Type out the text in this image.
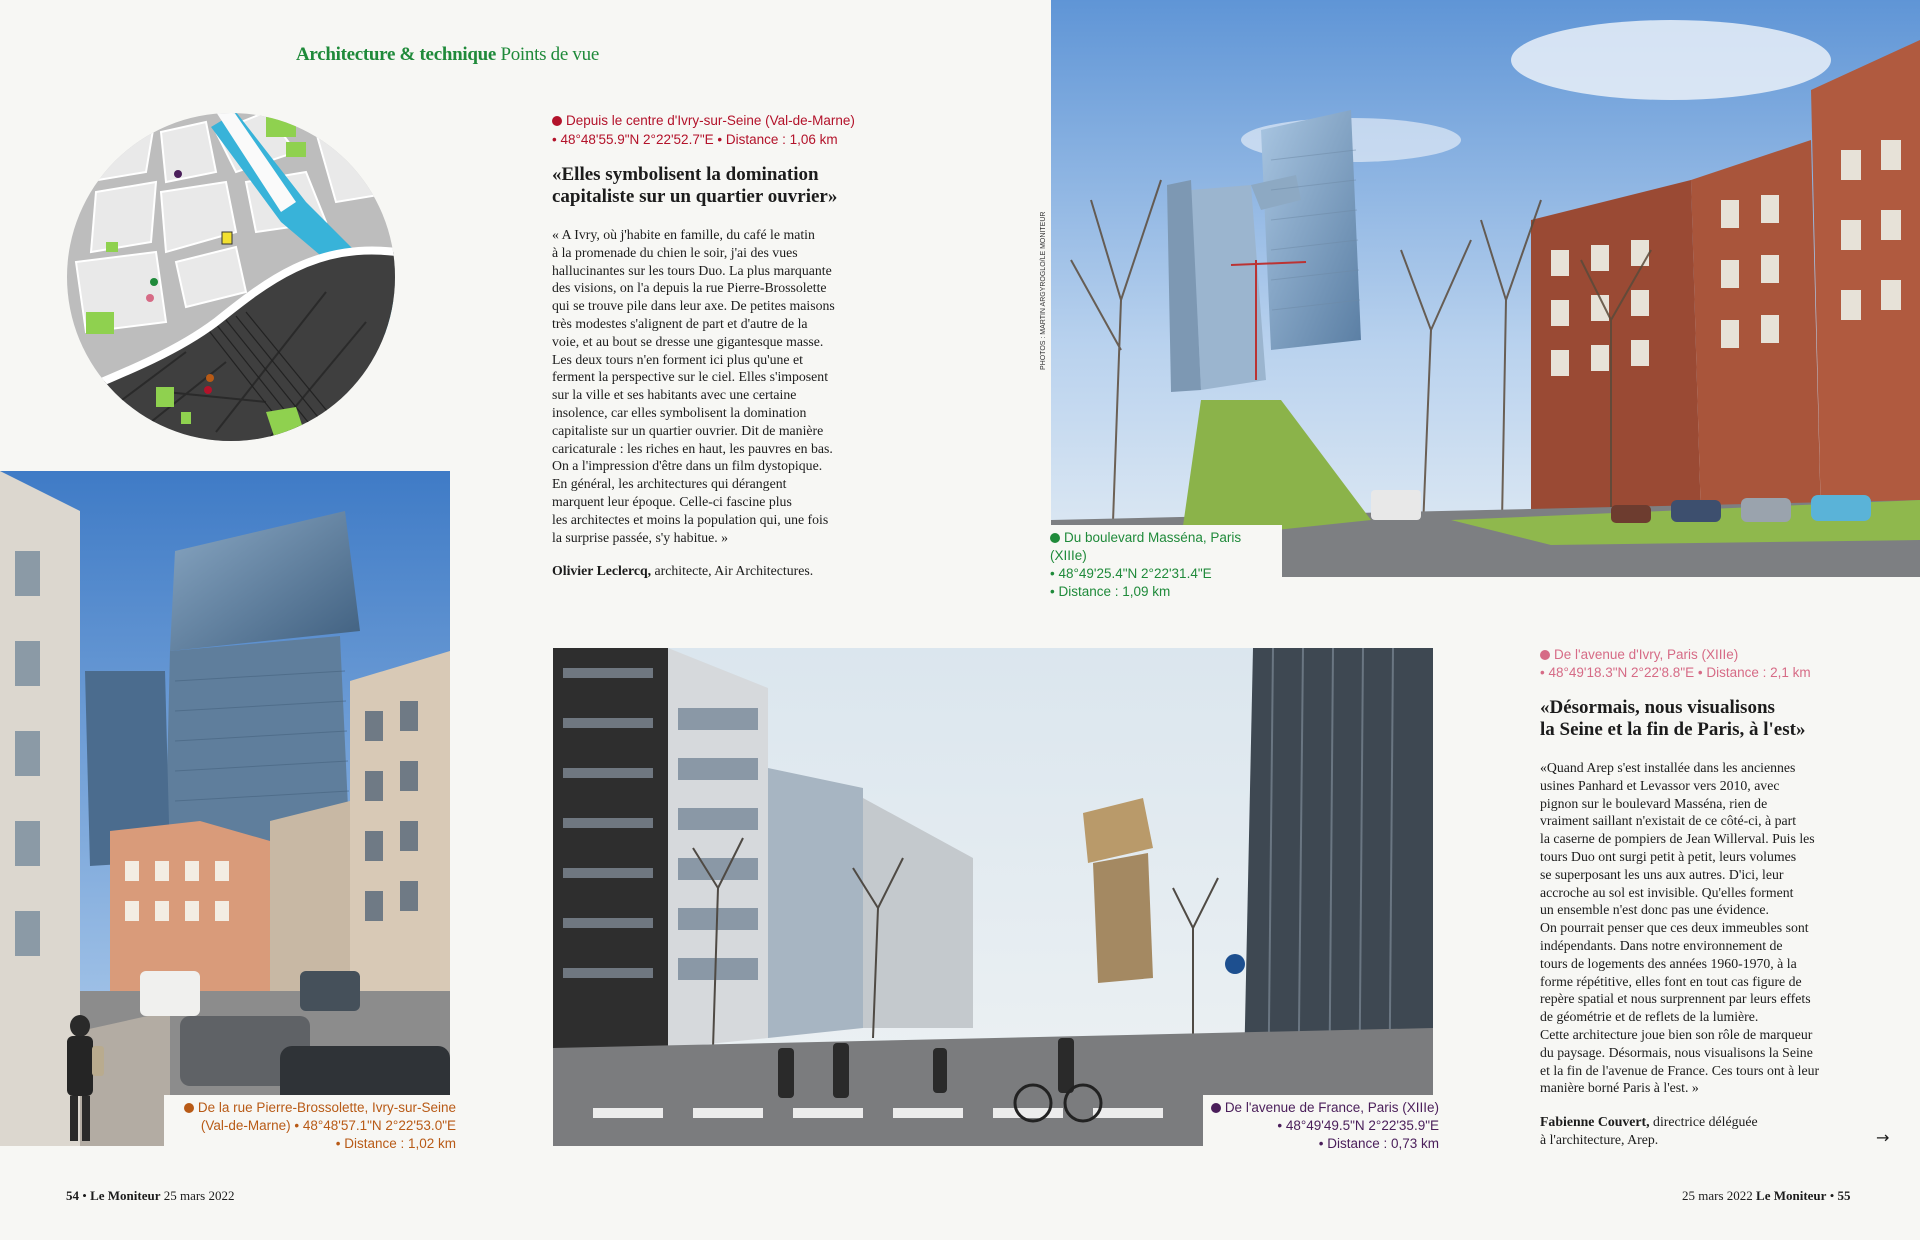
Architecture & technique Points de vue
Depuis le centre d'Ivry-sur-Seine (Val-de-Marne)
• 48°48'55.9"N 2°22'52.7"E • Distance : 1,06 km
«Elles symbolisent la domination
capitaliste sur un quartier ouvrier»
« A Ivry, où j'habite en famille, du café le matin
à la promenade du chien le soir, j'ai des vues
hallucinantes sur les tours Duo. La plus marquante
des visions, on l'a depuis la rue Pierre-Brossolette
qui se trouve pile dans leur axe. De petites maisons
très modestes s'alignent de part et d'autre de la
voie, et au bout se dresse une gigantesque masse.
Les deux tours n'en forment ici plus qu'une et
ferment la perspective sur le ciel. Elles s'imposent
sur la ville et ses habitants avec une certaine
insolence, car elles symbolisent la domination
capitaliste sur un quartier ouvrier. Dit de manière
caricaturale : les riches en haut, les pauvres en bas.
On a l'impression d'être dans un film dystopique.
En général, les architectures qui dérangent
marquent leur époque. Celle-ci fascine plus
les architectes et moins la population qui, une fois
la surprise passée, s'y habitue. »
Olivier Leclercq, architecte, Air Architectures.
PHOTOS : MARTIN ARGYROGLO/LE MONITEUR
Du boulevard Masséna, Paris (XIIIe)
• 48°49'25.4"N 2°22'31.4"E
• Distance : 1,09 km
De la rue Pierre-Brossolette, Ivry-sur-Seine
(Val-de-Marne) • 48°48'57.1"N 2°22'53.0"E
• Distance : 1,02 km
De l'avenue de France, Paris (XIIIe)
• 48°49'49.5"N 2°22'35.9"E
• Distance : 0,73 km
De l'avenue d'Ivry, Paris (XIIIe)
• 48°49'18.3"N 2°22'8.8"E • Distance : 2,1 km
«Désormais, nous visualisons
la Seine et la fin de Paris, à l'est»
«Quand Arep s'est installée dans les anciennes
usines Panhard et Levassor vers 2010, avec
pignon sur le boulevard Masséna, rien de
vraiment saillant n'existait de ce côté-ci, à part
la caserne de pompiers de Jean Willerval. Puis les
tours Duo ont surgi petit à petit, leurs volumes
se superposant les uns aux autres. D'ici, leur
accroche au sol est invisible. Qu'elles forment
un ensemble n'est donc pas une évidence.
On pourrait penser que ces deux immeubles sont
indépendants. Dans notre environnement de
tours de logements des années 1960-1970, à la
forme répétitive, elles font en tout cas figure de
repère spatial et nous surprennent par leurs effets
de géométrie et de reflets de la lumière.
Cette architecture joue bien son rôle de marqueur
du paysage. Désormais, nous visualisons la Seine
et la fin de l'avenue de France. Ces tours ont à leur
manière borné Paris à l'est. »
Fabienne Couvert, directrice déléguée
à l'architecture, Arep.	→
54 • Le Moniteur 25 mars 2022	25 mars 2022 Le Moniteur • 55
